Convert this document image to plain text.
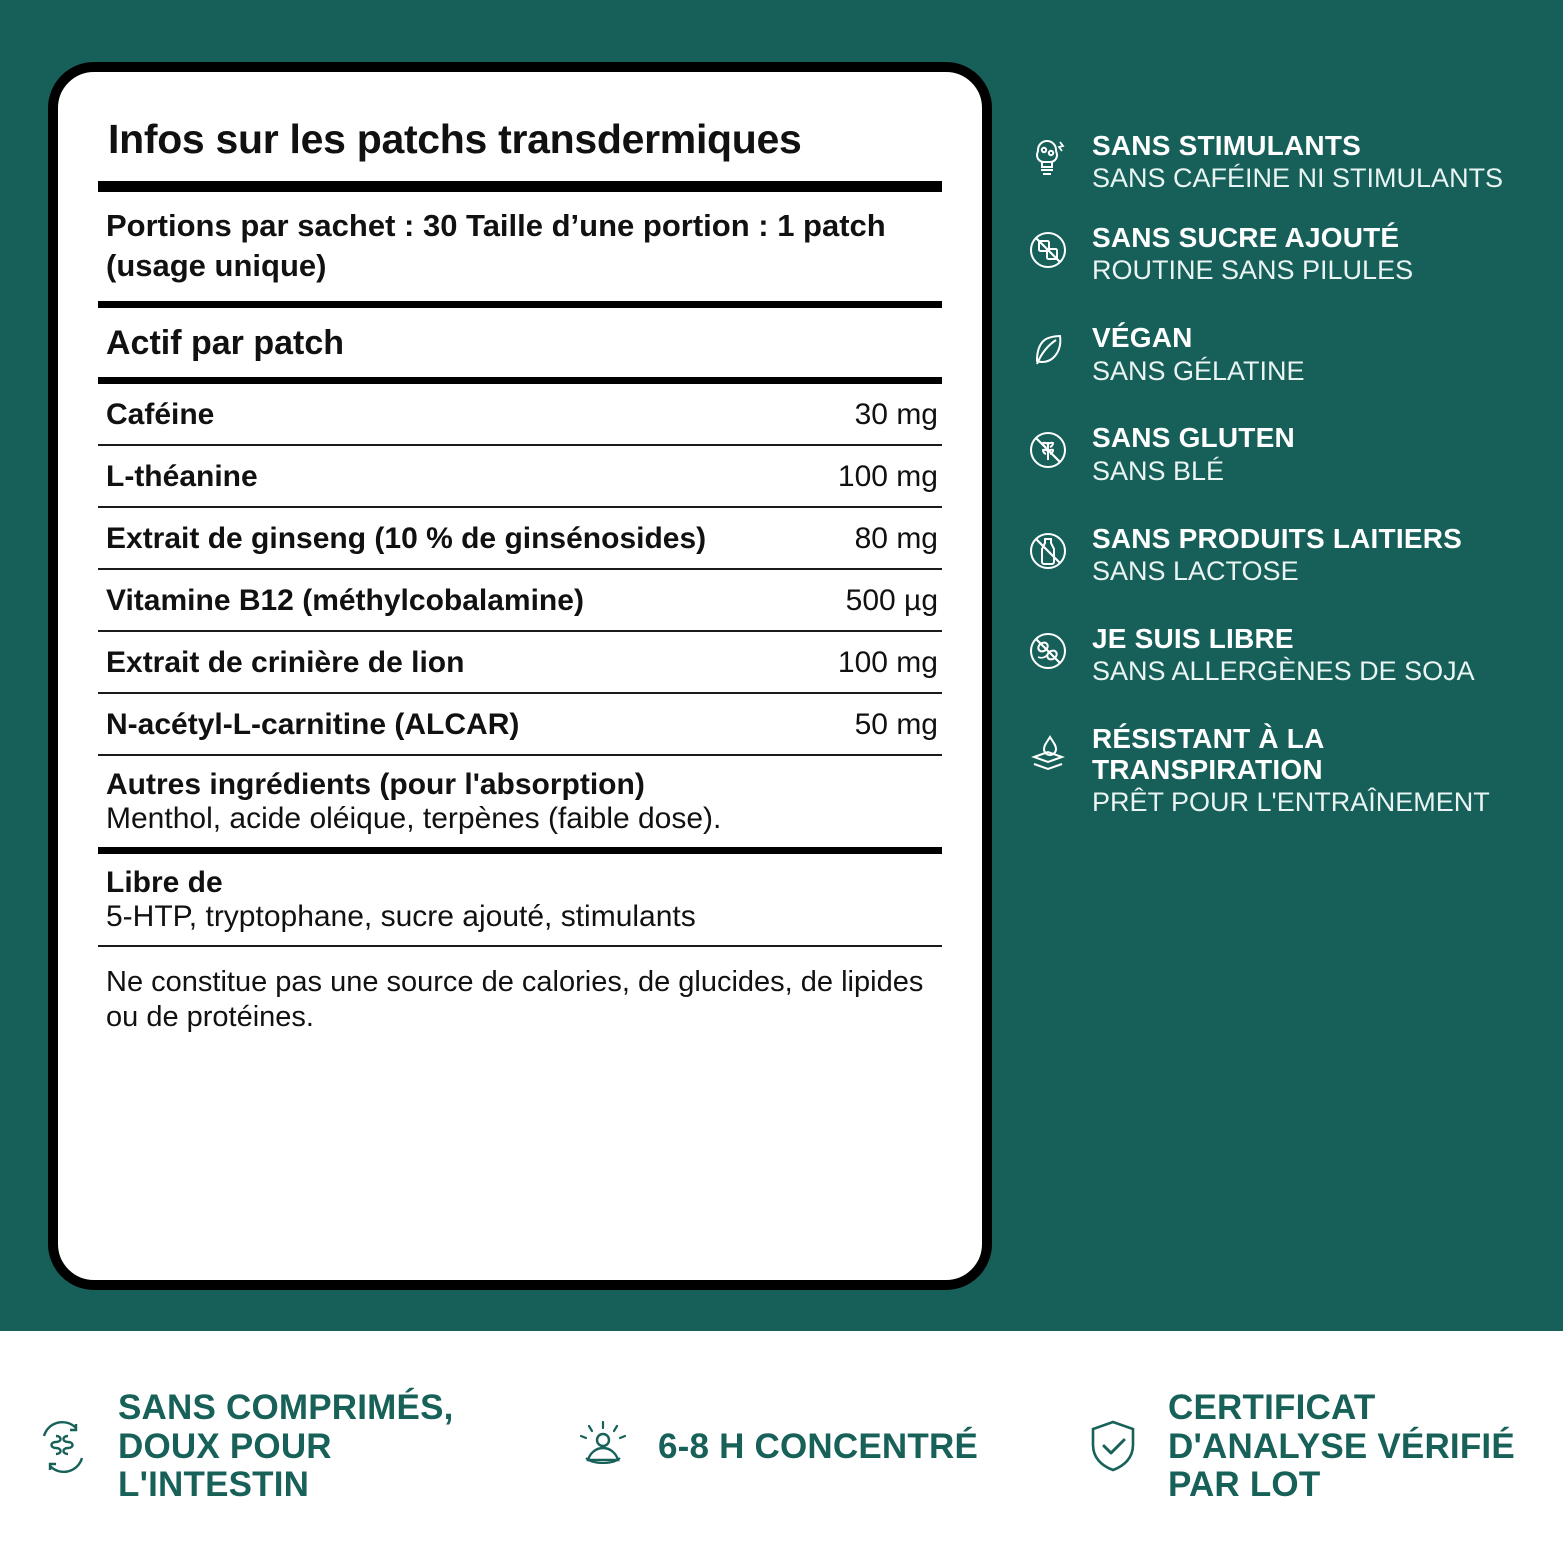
Infos sur les patchs transdermiques
Portions par sachet : 30 Taille d’une portion : 1 patch (usage unique)
Actif par patch
Caféine	30 mg
L-théanine	100 mg
Extrait de ginseng (10 % de ginsénosides)	80 mg
Vitamine B12 (méthylcobalamine)	500 µg
Extrait de crinière de lion	100 mg
N-acétyl-L-carnitine (ALCAR)	50 mg
Autres ingrédients (pour l'absorption)
Menthol, acide oléique, terpènes (faible dose).
Libre de
5-HTP, tryptophane, sucre ajouté, stimulants
Ne constitue pas une source de calories, de glucides, de lipides ou de protéines.
SANS STIMULANTS
SANS CAFÉINE NI STIMULANTS
SANS SUCRE AJOUTÉ
ROUTINE SANS PILULES
VÉGAN
SANS GÉLATINE
SANS GLUTEN
SANS BLÉ
SANS PRODUITS LAITIERS
SANS LACTOSE
JE SUIS LIBRE
SANS ALLERGÈNES DE SOJA
RÉSISTANT À LA TRANSPIRATION
PRÊT POUR L'ENTRAÎNEMENT
SANS COMPRIMÉS, DOUX POUR L'INTESTIN
6-8 H CONCENTRÉ
CERTIFICAT D'ANALYSE VÉRIFIÉ PAR LOT
